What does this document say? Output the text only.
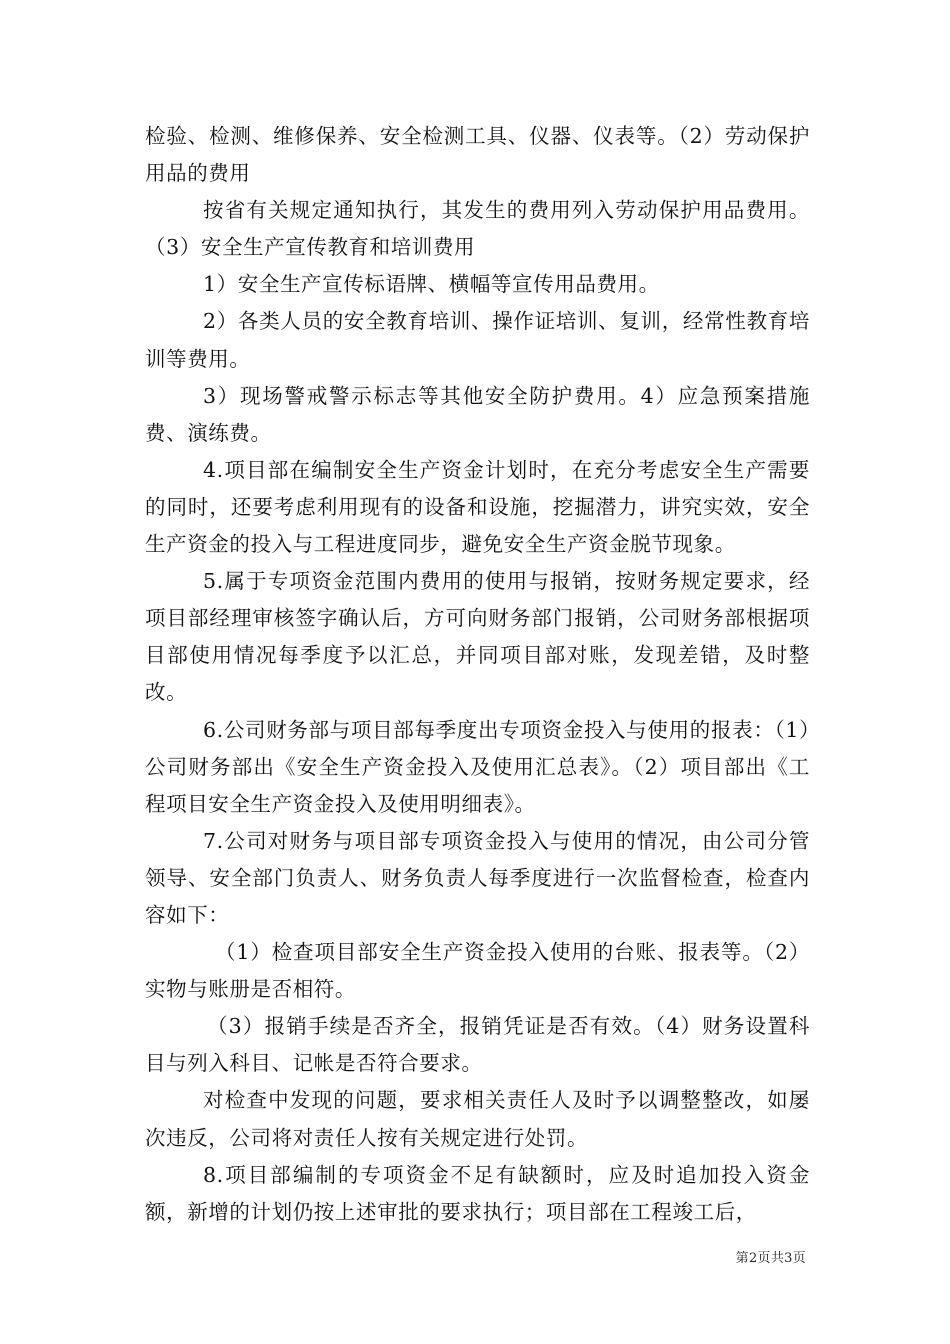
检验、检测、维修保养、安全检测工具、仪器、仪表等。（2）劳动保护用品的费用

按省有关规定通知执行，其发生的费用列入劳动保护用品费用。（3）安全生产宣传教育和培训费用

1）安全生产宣传标语牌、横幅等宣传用品费用。

2）各类人员的安全教育培训、操作证培训、复训，经常性教育培训等费用。

3）现场警戒警示标志等其他安全防护费用。4）应急预案措施费、演练费。

4.项目部在编制安全生产资金计划时，在充分考虑安全生产需要的同时，还要考虑利用现有的设备和设施，挖掘潜力，讲究实效，安全生产资金的投入与工程进度同步，避免安全生产资金脱节现象。

5.属于专项资金范围内费用的使用与报销，按财务规定要求，经项目部经理审核签字确认后，方可向财务部门报销，公司财务部根据项目部使用情况每季度予以汇总，并同项目部对账，发现差错，及时整改。

6.公司财务部与项目部每季度出专项资金投入与使用的报表：（1）公司财务部出《安全生产资金投入及使用汇总表》。（2）项目部出《工程项目安全生产资金投入及使用明细表》。

7.公司对财务与项目部专项资金投入与使用的情况，由公司分管领导、安全部门负责人、财务负责人每季度进行一次监督检查，检查内容如下：

（1）检查项目部安全生产资金投入使用的台账、报表等。（2）实物与账册是否相符。

（3）报销手续是否齐全，报销凭证是否有效。（4）财务设置科目与列入科目、记帐是否符合要求。

对检查中发现的问题，要求相关责任人及时予以调整整改，如屡次违反，公司将对责任人按有关规定进行处罚。

8.项目部编制的专项资金不足有缺额时，应及时追加投入资金额，新增的计划仍按上述审批的要求执行；项目部在工程竣工后，

第2页共3页
